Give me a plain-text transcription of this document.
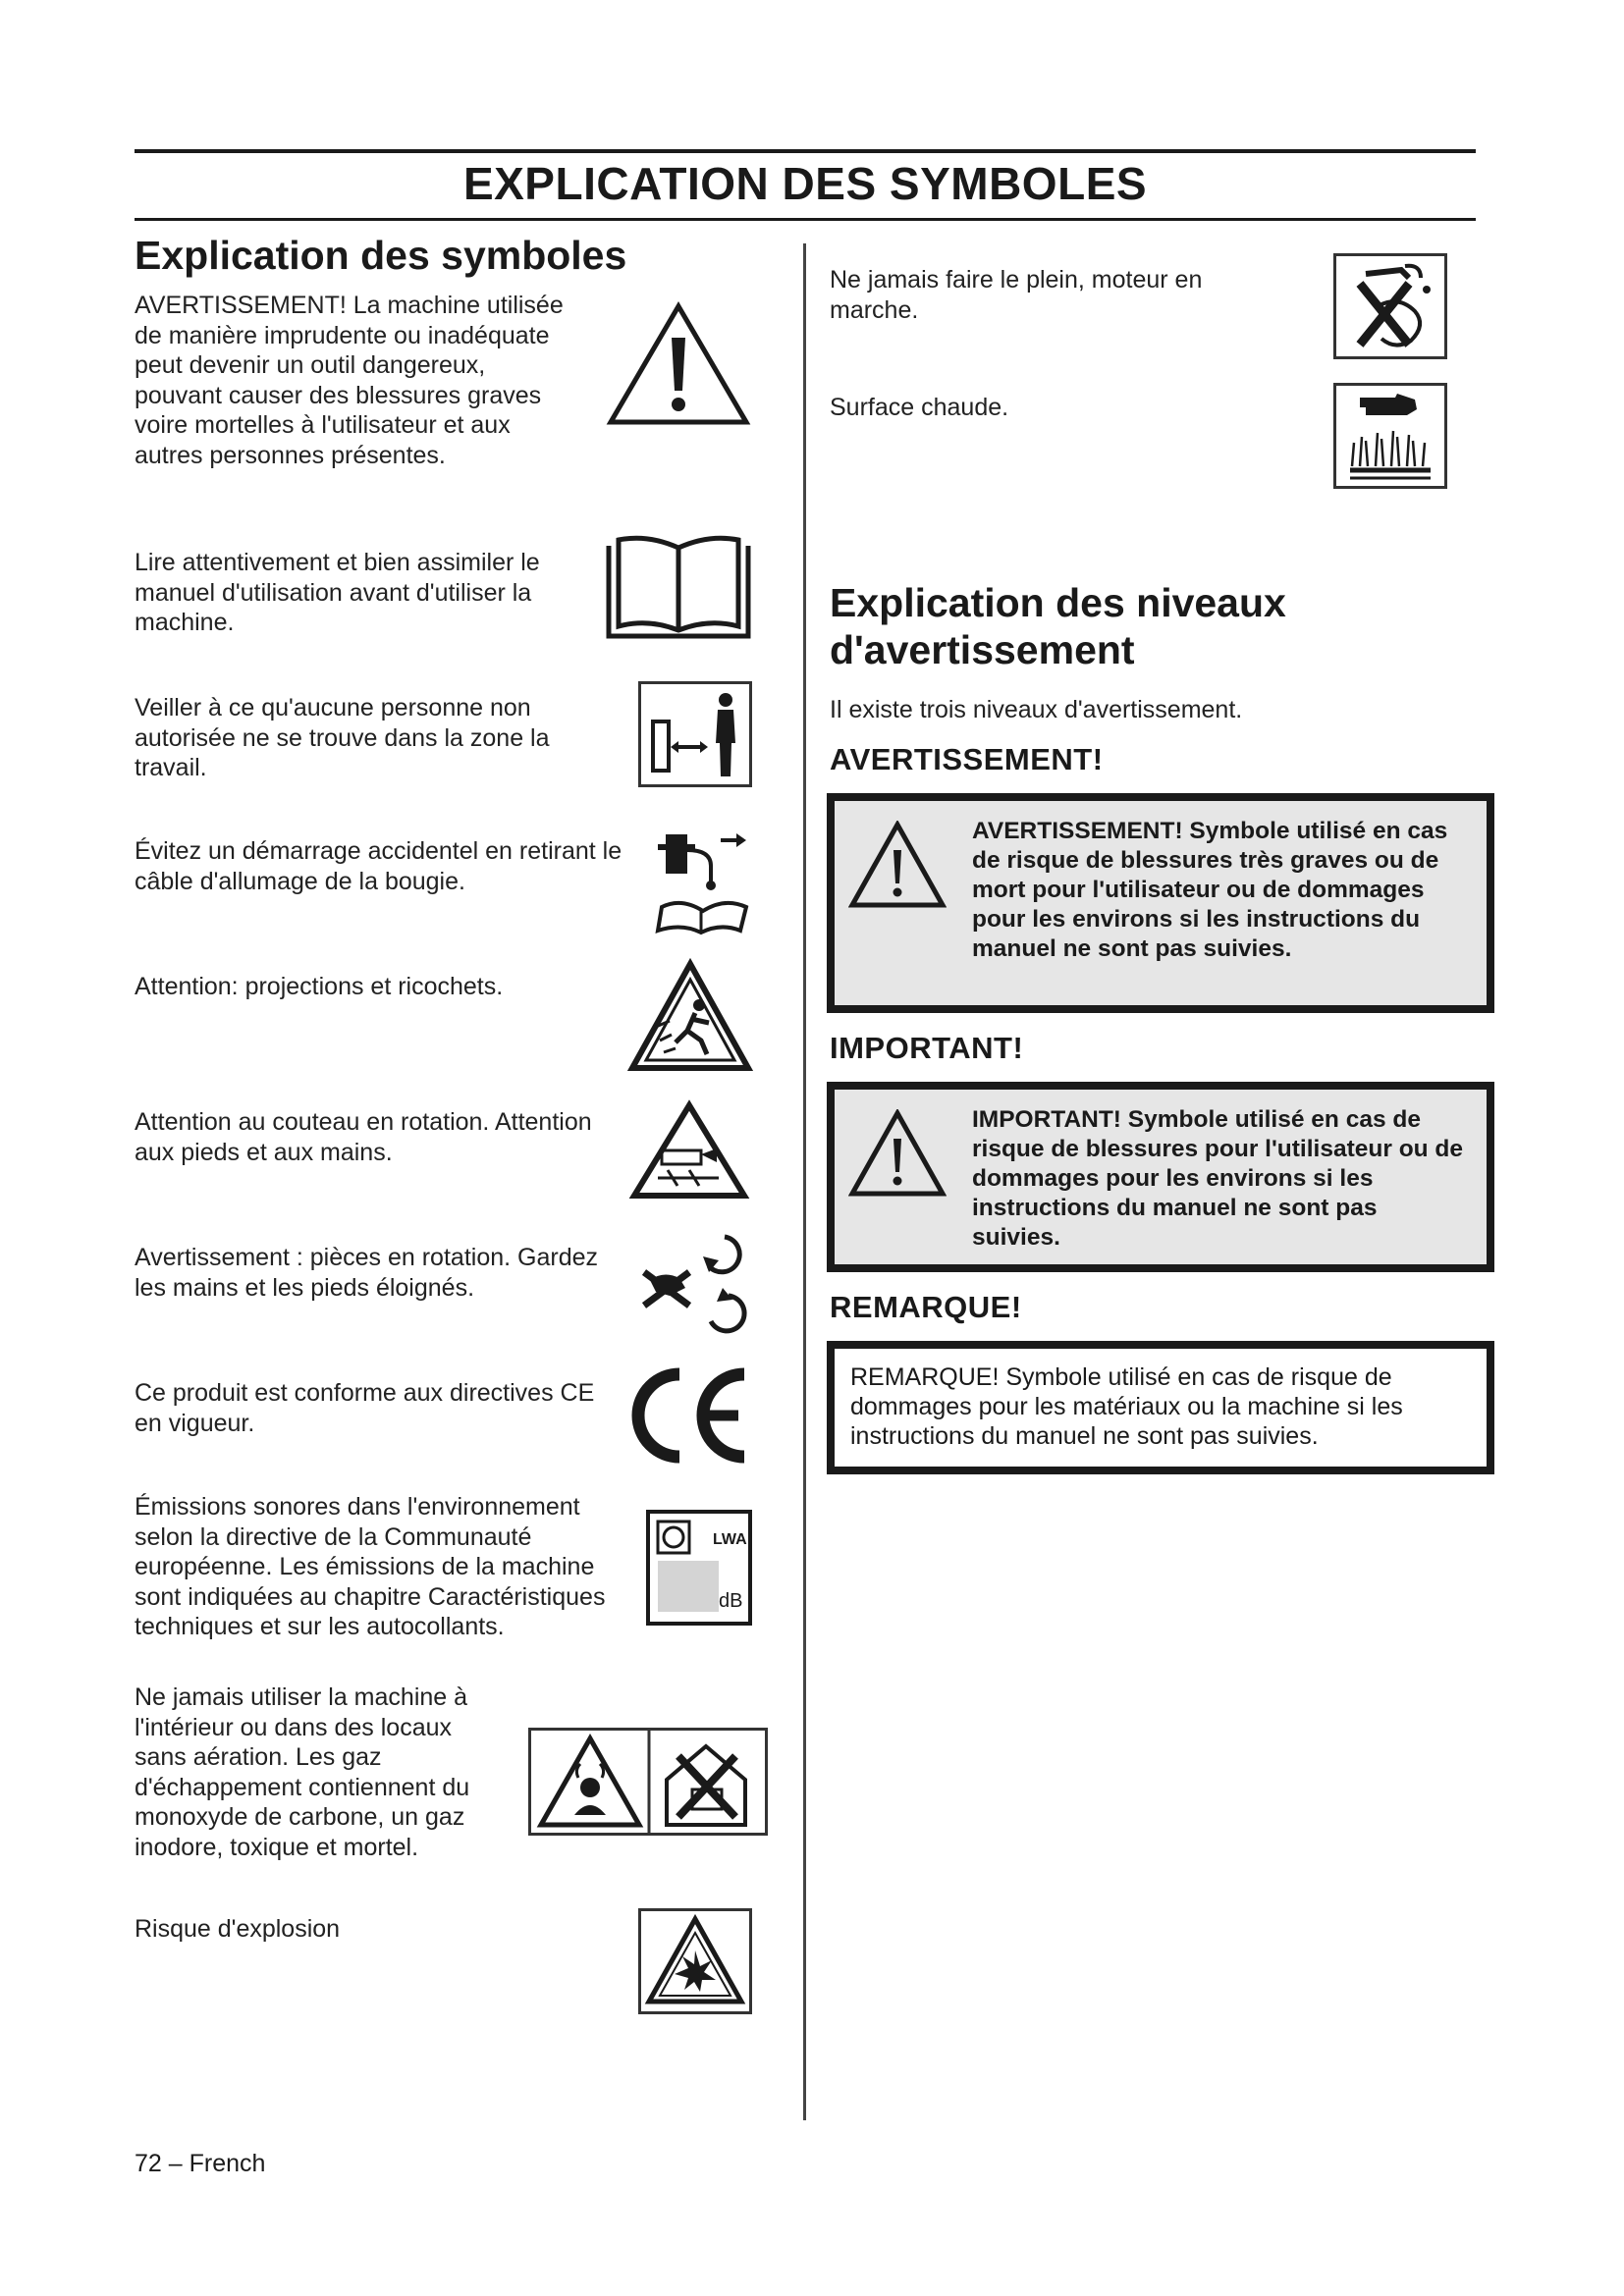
EXPLICATION DES SYMBOLES
Explication des symboles

AVERTISSEMENT! La machine utilisée de manière imprudente ou inadéquate peut devenir un outil dangereux, pouvant causer des blessures graves voire mortelles à l'utilisateur et aux autres personnes présentes.

Lire attentivement et bien assimiler le manuel d'utilisation avant d'utiliser la machine.

Veiller à ce qu'aucune personne non autorisée ne se trouve dans la zone la travail.

Évitez un démarrage accidentel en retirant le câble d'allumage de la bougie.

Attention: projections et ricochets.

Attention au couteau en rotation. Attention aux pieds et aux mains.

Avertissement : pièces en rotation. Gardez les mains et les pieds éloignés.

Ce produit est conforme aux directives CE en vigueur.

Émissions sonores dans l'environnement selon la directive de la Communauté européenne. Les émissions de la machine sont indiquées au chapitre Caractéristiques techniques et sur les autocollants.

LWA
dB

Ne jamais utiliser la machine à l'intérieur ou dans des locaux sans aération. Les gaz d'échappement contiennent du monoxyde de carbone, un gaz inodore, toxique et mortel.

Risque d'explosion

Ne jamais faire le plein, moteur en marche.

Surface chaude.

Explication des niveaux d'avertissement

Il existe trois niveaux d'avertissement.

AVERTISSEMENT!

AVERTISSEMENT! Symbole utilisé en cas de risque de blessures très graves ou de mort pour l'utilisateur ou de dommages pour les environs si les instructions du manuel ne sont pas suivies.

IMPORTANT!

IMPORTANT! Symbole utilisé en cas de risque de blessures pour l'utilisateur ou de dommages pour les environs si les instructions du manuel ne sont pas suivies.

REMARQUE!

REMARQUE! Symbole utilisé en cas de risque de dommages pour les matériaux ou la machine si les instructions du manuel ne sont pas suivies.

72 – French
